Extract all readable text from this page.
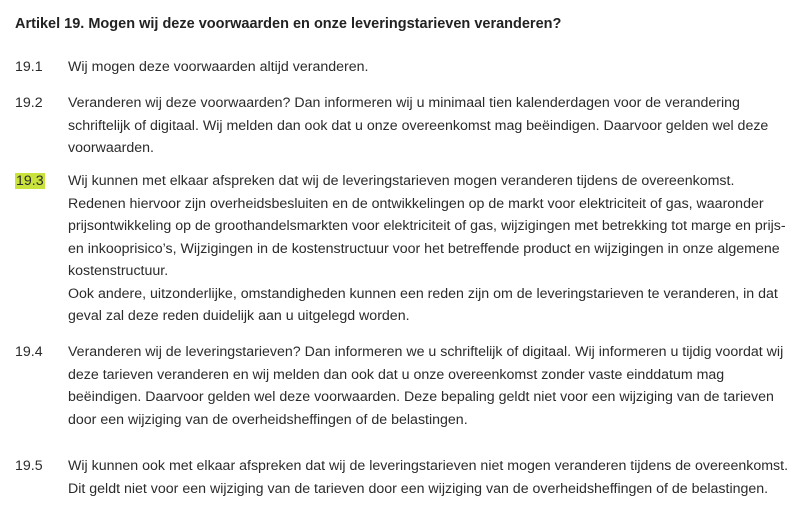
Artikel 19. Mogen wij deze voorwaarden en onze leveringstarieven veranderen?
19.1	Wij mogen deze voorwaarden altijd veranderen.

19.2	Veranderen wij deze voorwaarden? Dan informeren wij u minimaal tien kalenderdagen voor de verandering schriftelijk of digitaal. Wij melden dan ook dat u onze overeenkomst mag beëindigen. Daarvoor gelden wel deze voorwaarden.

19.3	Wij kunnen met elkaar afspreken dat wij de leveringstarieven mogen veranderen tijdens de overeenkomst. Redenen hiervoor zijn overheidsbesluiten en de ontwikkelingen op de markt voor elektriciteit of gas, waaronder prijsontwikkeling op de groothandelsmarkten voor elektriciteit of gas, wijzigingen met betrekking tot marge en prijsen inkooprisico’s, Wijzigingen in de kostenstructuur voor het betreffende product en wijzigingen in onze algemene kostenstructuur.

Ook andere, uitzonderlijke, omstandigheden kunnen een reden zijn om de leveringstarieven te veranderen, in dat geval zal deze reden duidelijk aan u uitgelegd worden.

19.4	Veranderen wij de leveringstarieven? Dan informeren we u schriftelijk of digitaal. Wij informeren u tijdig voordat wij deze tarieven veranderen en wij melden dan ook dat u onze overeenkomst zonder vaste einddatum mag beëindigen. Daarvoor gelden wel deze voorwaarden. Deze bepaling geldt niet voor een wijziging van de tarieven door een wijziging van de overheidsheffingen of de belastingen.

19.5	Wij kunnen ook met elkaar afspreken dat wij de leveringstarieven niet mogen veranderen tijdens de overeenkomst. Dit geldt niet voor een wijziging van de tarieven door een wijziging van de overheidsheffingen of de belastingen.
